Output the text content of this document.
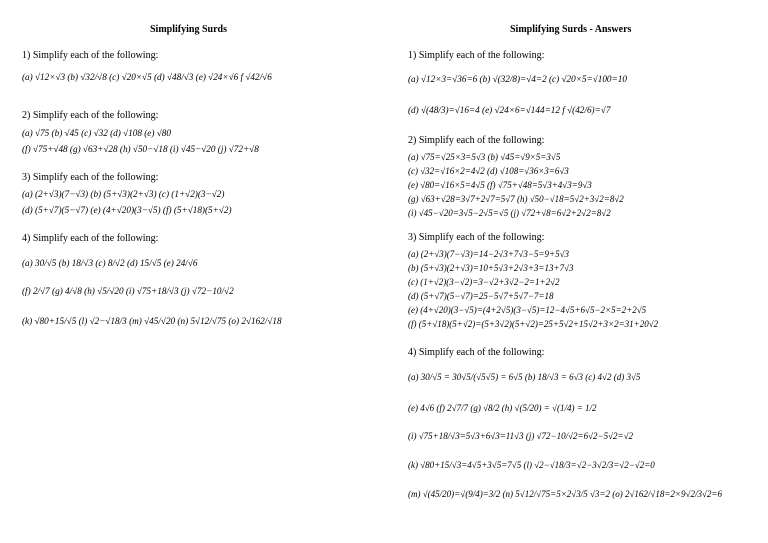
Simplifying Surds
1) Simplify each of the following:
(a) √12×√3 (b) √32/√8 (c) √20×√5 (d) √48/√3 (e) √24×√6 f √42/√6
2) Simplify each of the following:
(a) √75 (b) √45 (c) √32 (d) √108 (e) √80
(f) √75+√48 (g) √63+√28 (h) √50−√18 (i) √45−√20 (j) √72+√8
3) Simplify each of the following:
(a) (2+√3)(7−√3) (b) (5+√3)(2+√3) (c) (1+√2)(3−√2)
(d) (5+√7)(5−√7) (e) (4+√20)(3−√5) (f) (5+√18)(5+√2)
4) Simplify each of the following:
(a) 30/√5 (b) 18/√3 (c) 8/√2 (d) 15/√5 (e) 24/√6
(f) 2/√7 (g) 4/√8 (h) √5/√20 (i) √75+18/√3 (j) √72−10/√2
(k) √80+15/√5 (l) √2−√18/3 (m) √45/√20 (n) 5√12/√75 (o) 2√162/√18
Simplifying Surds - Answers
1) Simplify each of the following:
(a) √12×3=√36=6 (b) √(32/8)=√4=2 (c) √20×5=√100=10
(d) √(48/3)=√16=4 (e) √24×6=√144=12 f √(42/6)=√7
2) Simplify each of the following:
(a) √75=√25×3=5√3 (b) √45=√9×5=3√5
(c) √32=√16×2=4√2 (d) √108=√36×3=6√3
(e) √80=√16×5=4√5 (f) √75+√48=5√3+4√3=9√3
(g) √63+√28=3√7+2√7=5√7 (h) √50−√18=5√2+3√2=8√2
(i) √45−√20=3√5−2√5=√5 (j) √72+√8=6√2+2√2=8√2
3) Simplify each of the following:
(a) (2+√3)(7−√3)=14−2√3+7√3−5=9+5√3
(b) (5+√3)(2+√3)=10+5√3+2√3+3=13+7√3
(c) (1+√2)(3−√2)=3−√2+3√2−2=1+2√2
(d) (5+√7)(5−√7)=25−5√7+5√7−7=18
(e) (4+√20)(3−√5)=(4+2√5)(3−√5)=12−4√5+6√5−2×5=2+2√5
(f) (5+√18)(5+√2)=(5+3√2)(5+√2)=25+5√2+15√2+3×2=31+20√2
4) Simplify each of the following:
(a) 30/√5 = 30√5/(√5√5) = 6√5 (b) 18/√3 = 6√3 (c) 4√2 (d) 3√5
(e) 4√6 (f) 2√7/7 (g) √8/2 (h) √(5/20) = √(1/4) = 1/2
(i) √75+18/√3=5√3+6√3=11√3 (j) √72−10/√2=6√2−5√2=√2
(k) √80+15/√3=4√5+3√5=7√5 (l) √2−√18/3=√2−3√2/3=√2−√2=0
(m) √(45/20)=√(9/4)=3/2 (n) 5√12/√75=5×2√3/5 √3=2 (o) 2√162/√18=2×9√2/3√2=6
